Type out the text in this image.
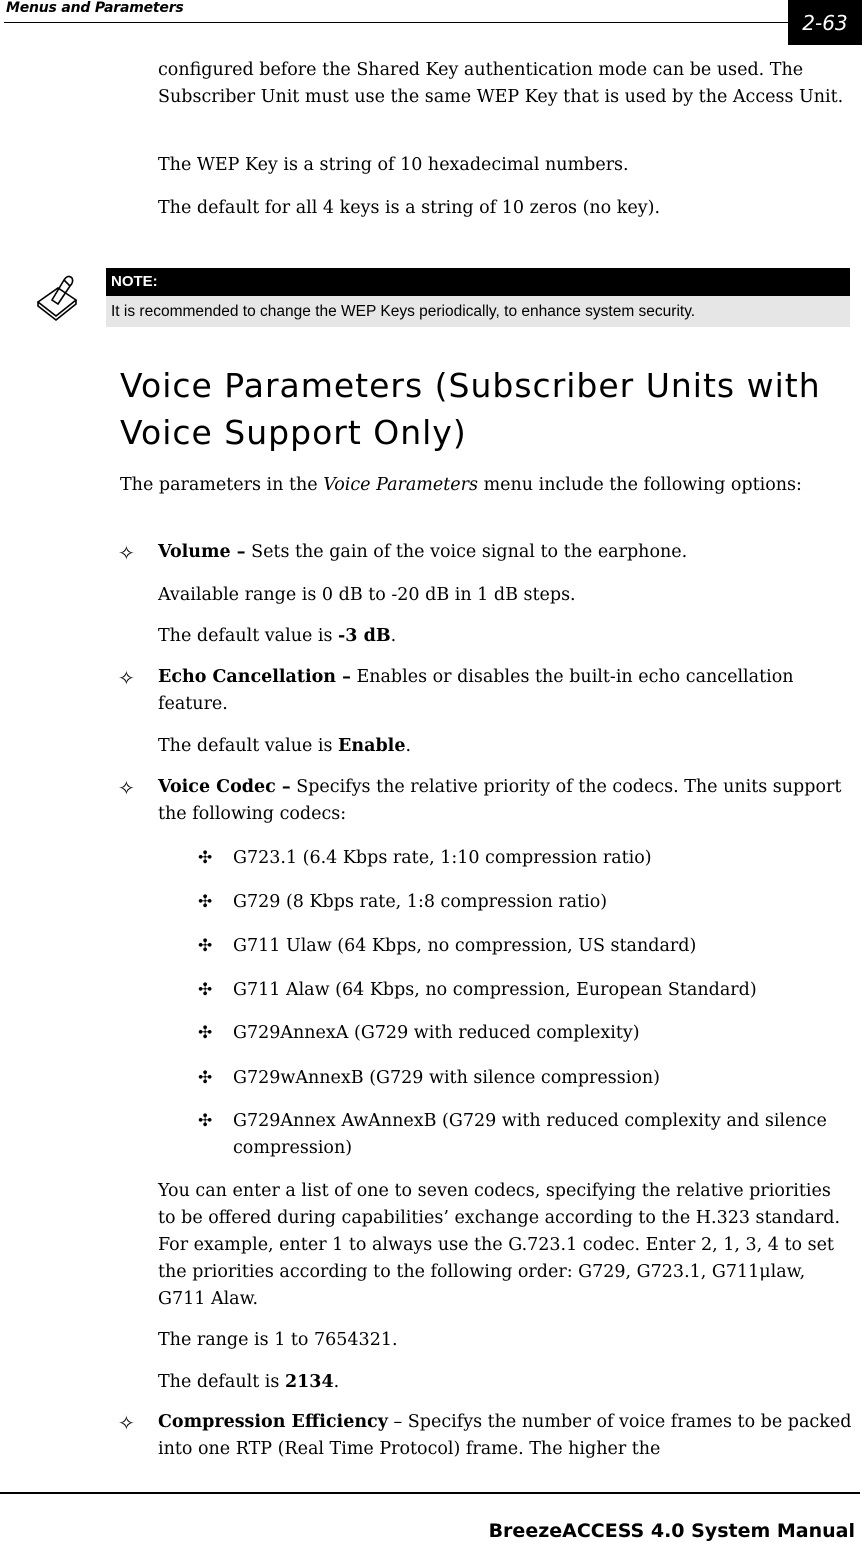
Menus and Parameters
2-63

configured before the Shared Key authentication mode can be used. The Subscriber Unit must use the same WEP Key that is used by the Access Unit.

The WEP Key is a string of 10 hexadecimal numbers.

The default for all 4 keys is a string of 10 zeros (no key).

NOTE:
It is recommended to change the WEP Keys periodically, to enhance system security.
Voice Parameters (Subscriber Units with Voice Support Only)

The parameters in the Voice Parameters menu include the following options:

✧ Volume – Sets the gain of the voice signal to the earphone.

Available range is 0 dB to -20 dB in 1 dB steps.

The default value is -3 dB.

✧ Echo Cancellation – Enables or disables the built-in echo cancellation feature.

The default value is Enable.

✧ Voice Codec – Specifys the relative priority of the codecs. The units support the following codecs:

✣ G723.1 (6.4 Kbps rate, 1:10 compression ratio)

✣ G729 (8 Kbps rate, 1:8 compression ratio)

✣ G711 Ulaw (64 Kbps, no compression, US standard)

✣ G711 Alaw (64 Kbps, no compression, European Standard)

✣ G729AnnexA (G729 with reduced complexity)

✣ G729wAnnexB (G729 with silence compression)

✣ G729Annex AwAnnexB (G729 with reduced complexity and silence compression)

You can enter a list of one to seven codecs, specifying the relative priorities to be offered during capabilities’ exchange according to the H.323 standard. For example, enter 1 to always use the G.723.1 codec. Enter 2, 1, 3, 4 to set the priorities according to the following order: G729, G723.1, G711μlaw, G711 Alaw.

The range is 1 to 7654321.

The default is 2134.

✧ Compression Efficiency – Specifys the number of voice frames to be packed into one RTP (Real Time Protocol) frame. The higher the

BreezeACCESS 4.0 System Manual
